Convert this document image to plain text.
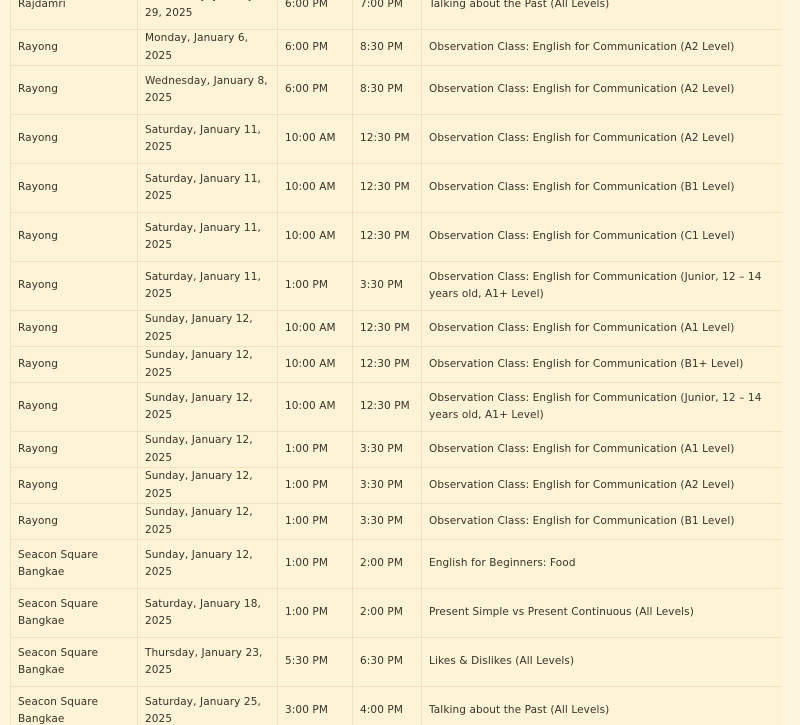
Rajdamri	29, 2025	6:00 PM	7:00 PM	Talking about the Past (All Levels)
Rayong	Monday, January 6, 2025	6:00 PM	8:30 PM	Observation Class: English for Communication (A2 Level)
Rayong	Wednesday, January 8, 2025	6:00 PM	8:30 PM	Observation Class: English for Communication (A2 Level)
Rayong	Saturday, January 11, 2025	10:00 AM	12:30 PM	Observation Class: English for Communication (A2 Level)
Rayong	Saturday, January 11, 2025	10:00 AM	12:30 PM	Observation Class: English for Communication (B1 Level)
Rayong	Saturday, January 11, 2025	10:00 AM	12:30 PM	Observation Class: English for Communication (C1 Level)
Rayong	Saturday, January 11, 2025	1:00 PM	3:30 PM	Observation Class: English for Communication (Junior, 12 – 14 years old, A1+ Level)
Rayong	Sunday, January 12, 2025	10:00 AM	12:30 PM	Observation Class: English for Communication (A1 Level)
Rayong	Sunday, January 12, 2025	10:00 AM	12:30 PM	Observation Class: English for Communication (B1+ Level)
Rayong	Sunday, January 12, 2025	10:00 AM	12:30 PM	Observation Class: English for Communication (Junior, 12 – 14 years old, A1+ Level)
Rayong	Sunday, January 12, 2025	1:00 PM	3:30 PM	Observation Class: English for Communication (A1 Level)
Rayong	Sunday, January 12, 2025	1:00 PM	3:30 PM	Observation Class: English for Communication (A2 Level)
Rayong	Sunday, January 12, 2025	1:00 PM	3:30 PM	Observation Class: English for Communication (B1 Level)
Seacon Square Bangkae	Sunday, January 12, 2025	1:00 PM	2:00 PM	English for Beginners: Food
Seacon Square Bangkae	Saturday, January 18, 2025	1:00 PM	2:00 PM	Present Simple vs Present Continuous (All Levels)
Seacon Square Bangkae	Thursday, January 23, 2025	5:30 PM	6:30 PM	Likes & Dislikes (All Levels)
Seacon Square Bangkae	Saturday, January 25, 2025	3:00 PM	4:00 PM	Talking about the Past (All Levels)
